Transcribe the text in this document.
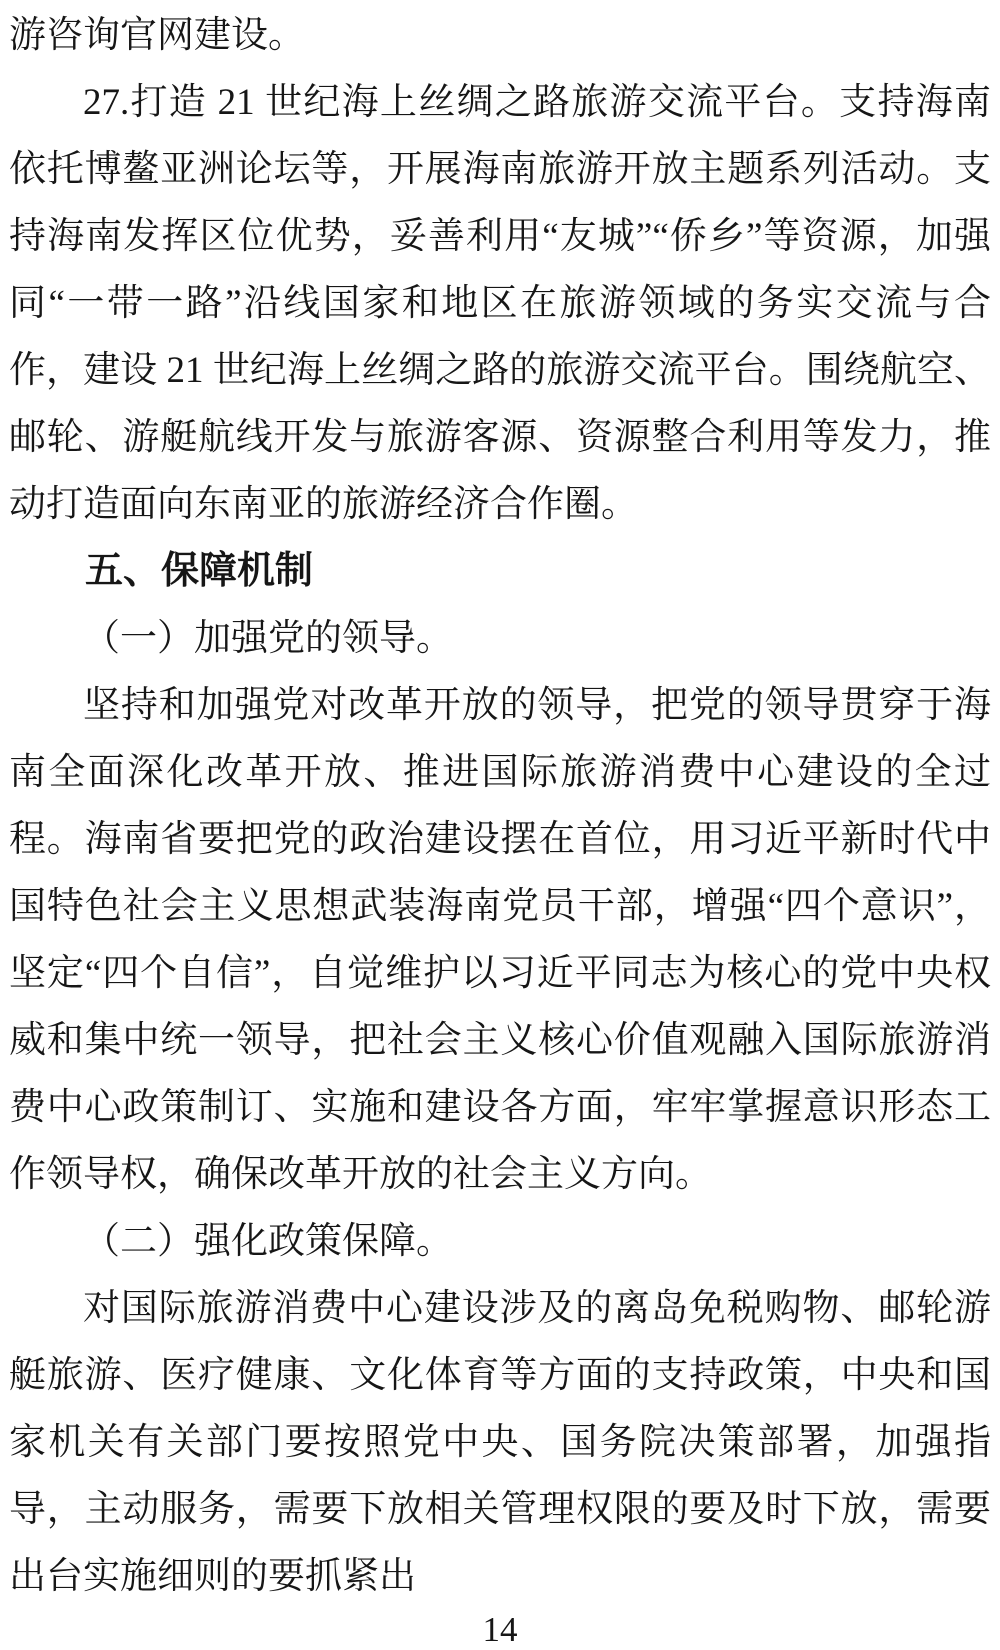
游咨询官网建设。

27.打造 21 世纪海上丝绸之路旅游交流平台。支持海南依托博鳌亚洲论坛等，开展海南旅游开放主题系列活动。支持海南发挥区位优势，妥善利用“友城”“侨乡”等资源，加强同“一带一路”沿线国家和地区在旅游领域的务实交流与合作，建设 21 世纪海上丝绸之路的旅游交流平台。围绕航空、邮轮、游艇航线开发与旅游客源、资源整合利用等发力，推动打造面向东南亚的旅游经济合作圈。

五、保障机制

（一）加强党的领导。

坚持和加强党对改革开放的领导，把党的领导贯穿于海南全面深化改革开放、推进国际旅游消费中心建设的全过程。海南省要把党的政治建设摆在首位，用习近平新时代中国特色社会主义思想武装海南党员干部，增强“四个意识”，坚定“四个自信”，自觉维护以习近平同志为核心的党中央权威和集中统一领导，把社会主义核心价值观融入国际旅游消费中心政策制订、实施和建设各方面，牢牢掌握意识形态工作领导权，确保改革开放的社会主义方向。

（二）强化政策保障。

对国际旅游消费中心建设涉及的离岛免税购物、邮轮游艇旅游、医疗健康、文化体育等方面的支持政策，中央和国家机关有关部门要按照党中央、国务院决策部署，加强指导，主动服务，需要下放相关管理权限的要及时下放，需要出台实施细则的要抓紧出

14
